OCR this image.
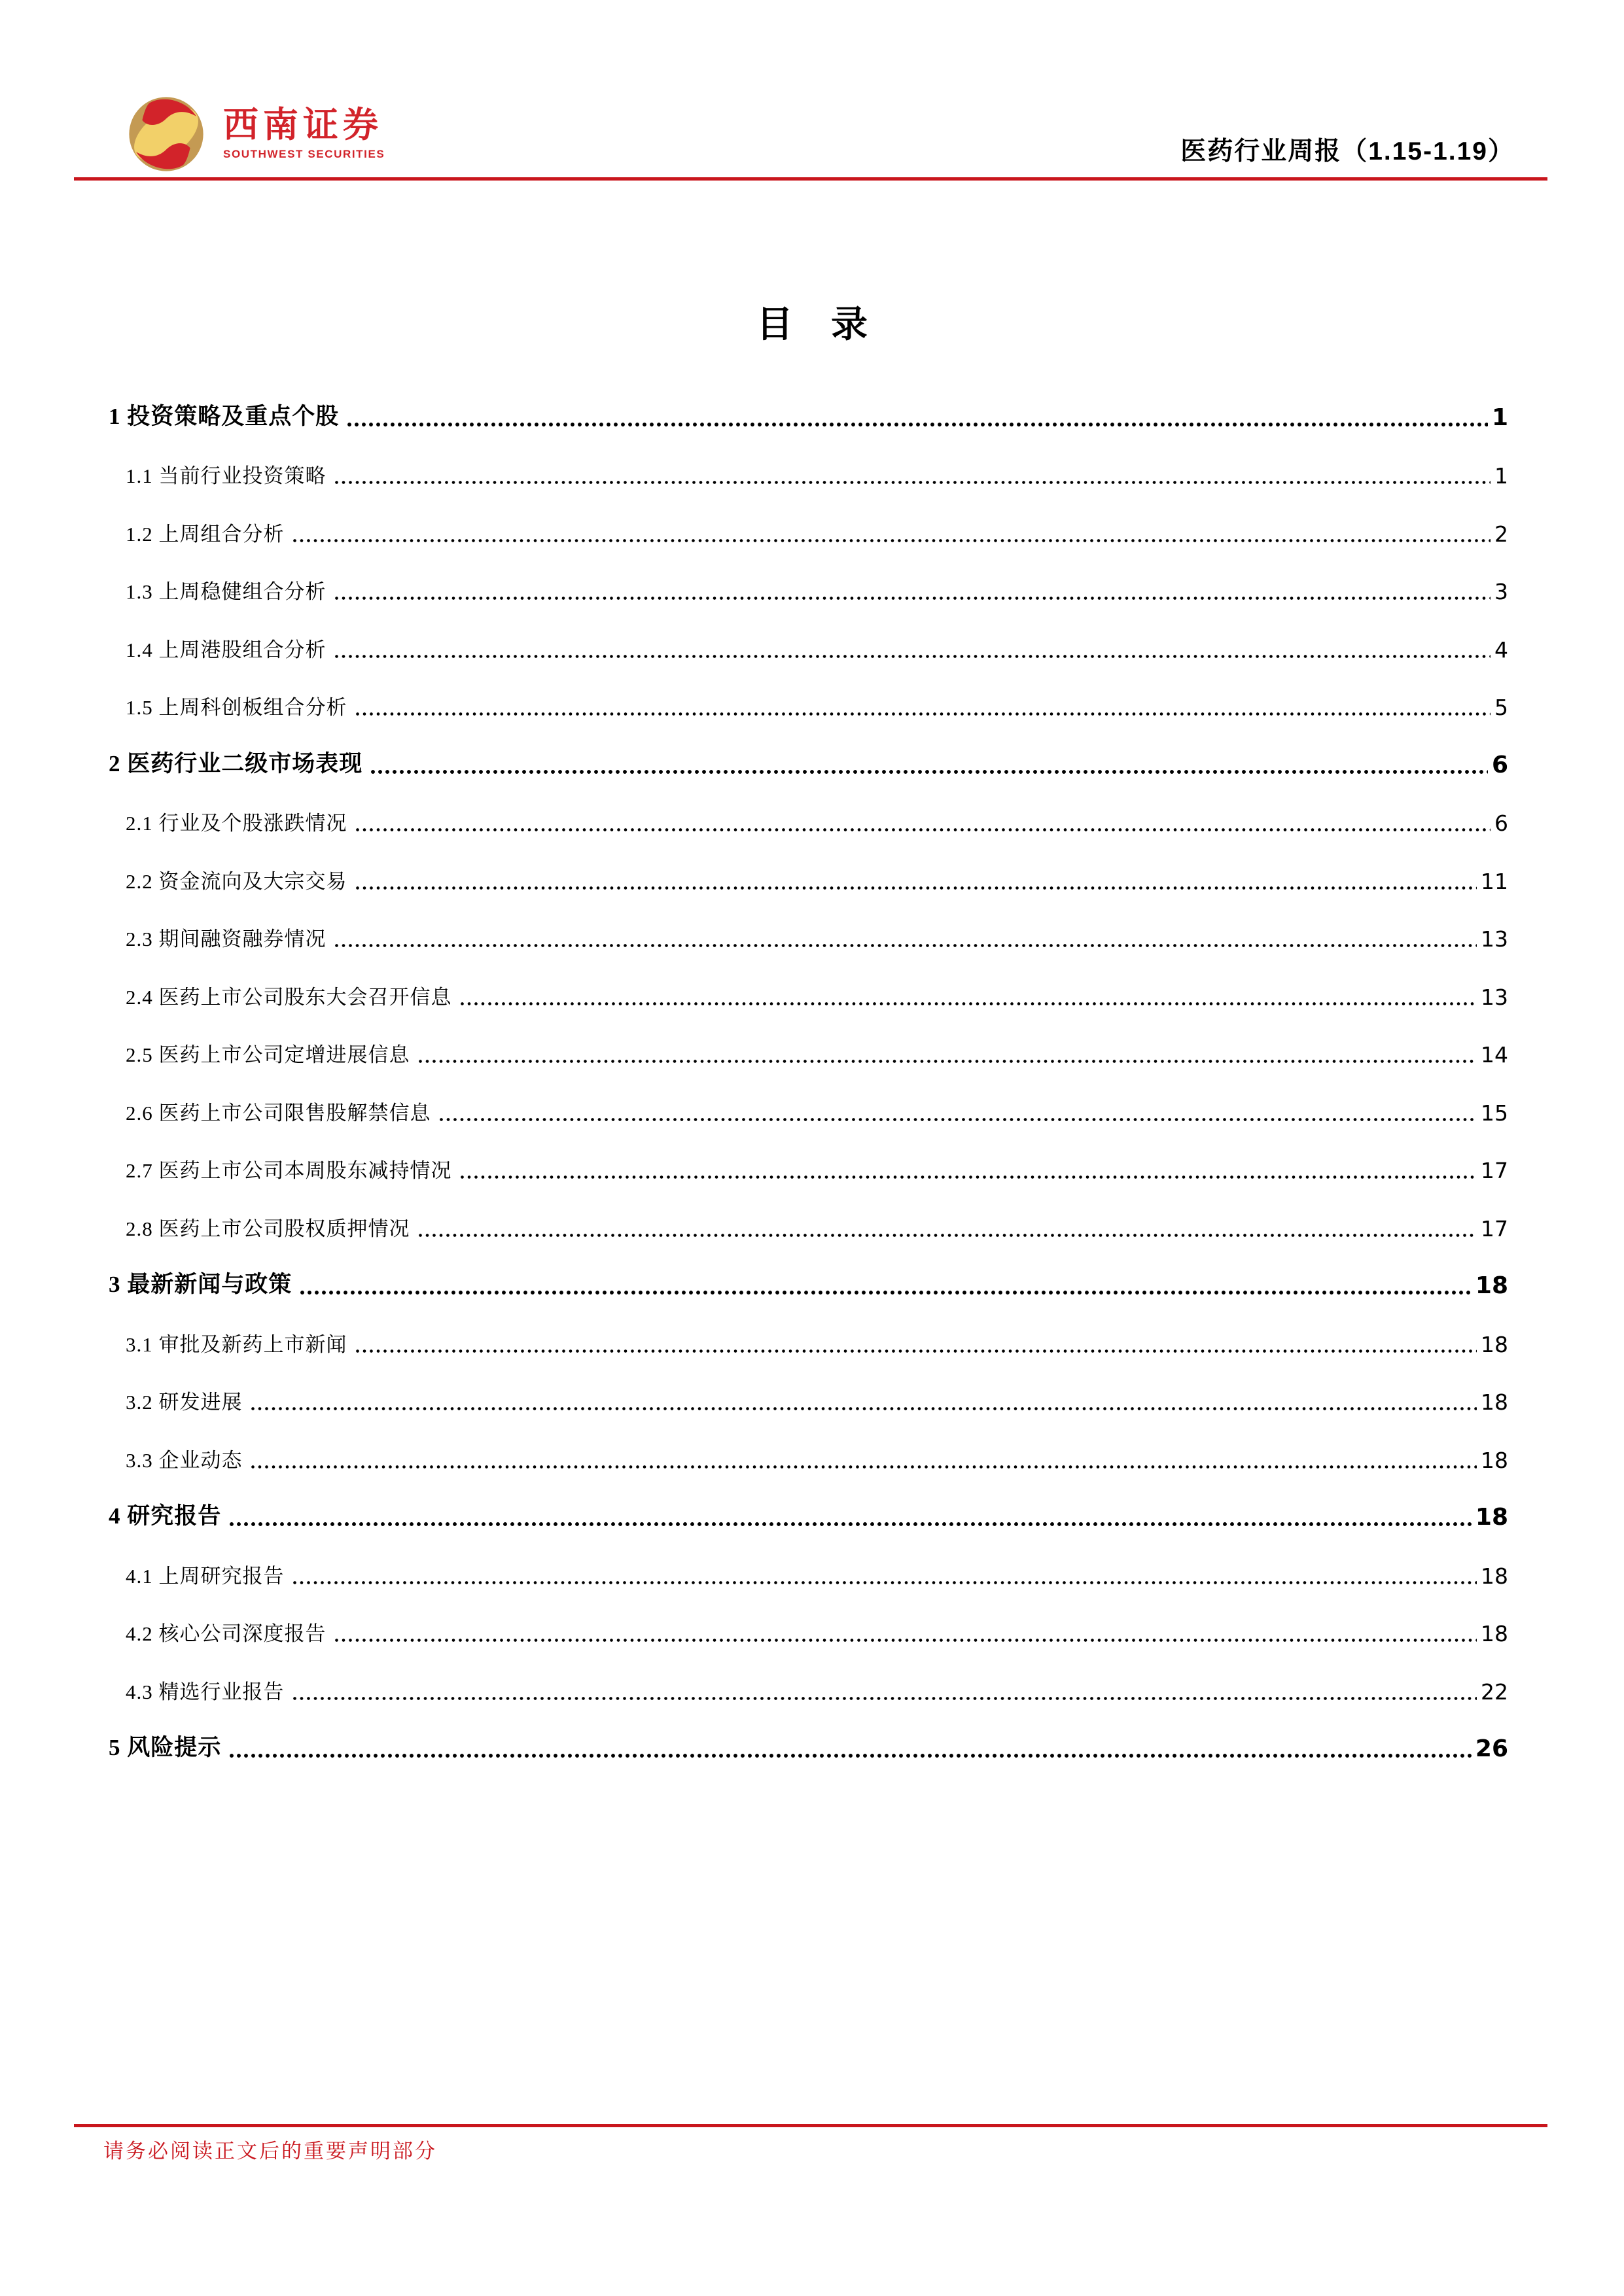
西南证券
SOUTHWEST SECURITIES	医药行业周报（1.15-1.19）
目 录
1 投资策略及重点个股	1
1.1 当前行业投资策略	1
1.2 上周组合分析	2
1.3 上周稳健组合分析	3
1.4 上周港股组合分析	4
1.5 上周科创板组合分析	5
2 医药行业二级市场表现	6
2.1 行业及个股涨跌情况	6
2.2 资金流向及大宗交易	11
2.3 期间融资融券情况	13
2.4 医药上市公司股东大会召开信息	13
2.5 医药上市公司定增进展信息	14
2.6 医药上市公司限售股解禁信息	15
2.7 医药上市公司本周股东减持情况	17
2.8 医药上市公司股权质押情况	17
3 最新新闻与政策	18
3.1 审批及新药上市新闻	18
3.2 研发进展	18
3.3 企业动态	18
4 研究报告	18
4.1 上周研究报告	18
4.2 核心公司深度报告	18
4.3 精选行业报告	22
5 风险提示	26
请务必阅读正文后的重要声明部分
